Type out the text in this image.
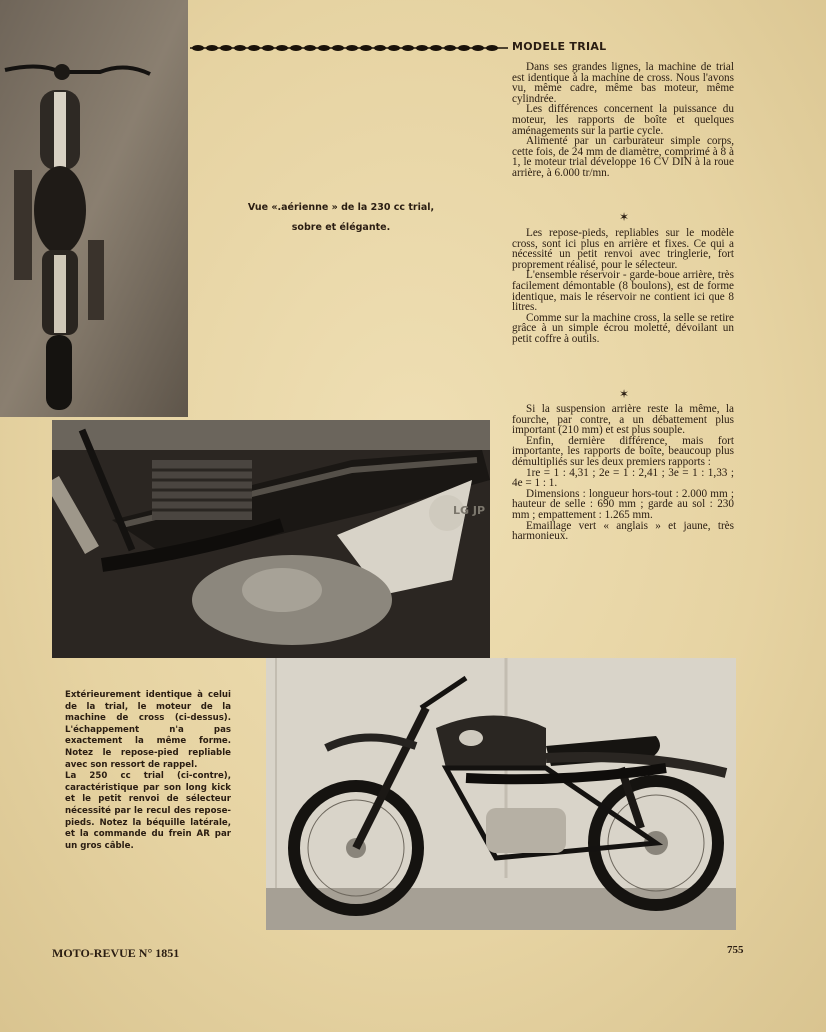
Vue «.aérienne » de la 230 cc trial,
sobre et élégante.
MODELE TRIAL

Dans ses grandes lignes, la machine de trial est identique à la machine de cross. Nous l'avons vu, même cadre, même bas moteur, même cylindrée.

Les différences concernent la puissance du moteur, les rapports de boîte et quelques aménagements sur la partie cycle.

Alimenté par un carburateur simple corps, cette fois, de 24 mm de diamètre, comprimé à 8 à 1, le moteur trial développe 16 CV DIN à la roue arrière, à 6.000 tr/mn.

✶

Les repose-pieds, repliables sur le modèle cross, sont ici plus en arrière et fixes. Ce qui a nécessité un petit renvoi avec tringlerie, fort proprement réalisé, pour le sélecteur.

L'ensemble réservoir - garde-boue arrière, très facilement démontable (8 boulons), est de forme identique, mais le réservoir ne contient ici que 8 litres.

Comme sur la machine cross, la selle se retire grâce à un simple écrou moletté, dévoilant un petit coffre à outils.

✶

Si la suspension arrière reste la même, la fourche, par contre, a un débattement plus important (210 mm) et est plus souple.

Enfin, dernière différence, mais fort importante, les rapports de boîte, beaucoup plus démultipliés sur les deux premiers rapports :

1re = 1 : 4,31 ; 2e = 1 : 2,41 ; 3e = 1 : 1,33 ; 4e = 1 : 1.

Dimensions : longueur hors-tout : 2.000 mm ; hauteur de selle : 690 mm ; garde au sol : 230 mm ; empattement : 1.265 mm.

Emaillage vert « anglais » et jaune, très harmonieux.

LG JP
Extérieurement identique à celui de la trial, le moteur de la machine de cross (ci-dessus). L'échappement n'a pas exactement la même forme. Notez le repose-pied repliable avec son ressort de rappel.
La 250 cc trial (ci-contre), caractéristique par son long kick et le petit renvoi de sélecteur nécessité par le recul des repose-pieds. Notez la béquille latérale, et la commande du frein AR par un gros câble.
MOTO-REVUE N° 1851	755
